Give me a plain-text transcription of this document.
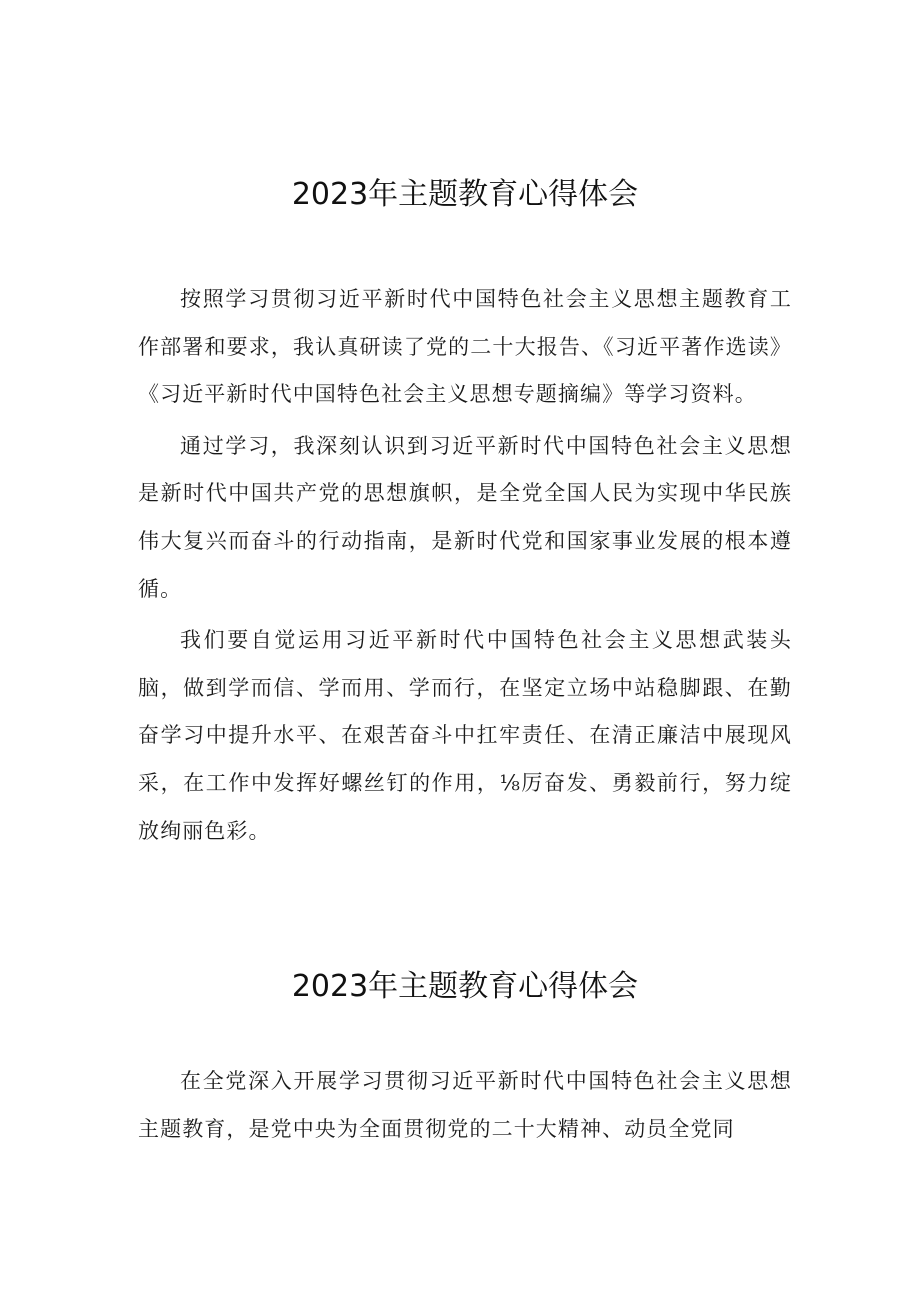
2023年主题教育心得体会

按照学习贯彻习近平新时代中国特色社会主义思想主题教育工作部署和要求，我认真研读了党的二十大报告、《习近平著作选读》《习近平新时代中国特色社会主义思想专题摘编》等学习资料。

通过学习，我深刻认识到习近平新时代中国特色社会主义思想是新时代中国共产党的思想旗帜，是全党全国人民为实现中华民族伟大复兴而奋斗的行动指南，是新时代党和国家事业发展的根本遵循。

我们要自觉运用习近平新时代中国特色社会主义思想武装头脑，做到学而信、学而用、学而行，在坚定立场中站稳脚跟、在勤奋学习中提升水平、在艰苦奋斗中扛牢责任、在清正廉洁中展现风采，在工作中发挥好螺丝钉的作用，⅛厉奋发、勇毅前行，努力绽放绚丽色彩。

2023年主题教育心得体会

在全党深入开展学习贯彻习近平新时代中国特色社会主义思想主题教育，是党中央为全面贯彻党的二十大精神、动员全党同
